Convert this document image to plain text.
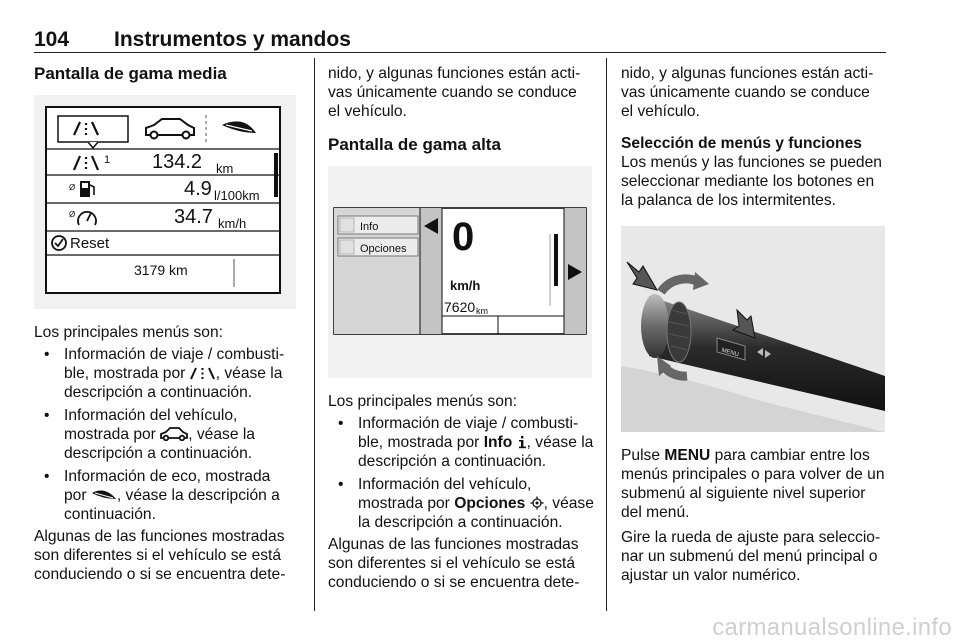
104 Instrumentos y mandos

Pantalla de gama media

Ø
Ø
1 134.2 km
4.9 l/100km
34.7 km/h
Reset
3179 km

Los principales menús son:

• Información de viaje / combusti-
ble, mostrada por , véase la
descripción a continuación.
• Información del vehículo,
mostrada por , véase la
descripción a continuación.
• Información de eco, mostrada
por , véase la descripción a
continuación.

Algunas de las funciones mostradas
son diferentes si el vehículo se está
conduciendo o si se encuentra dete-

nido, y algunas funciones están acti-
vas únicamente cuando se conduce
el vehículo.

Pantalla de gama alta

Info
Opciones 0
km/h
7620 km

Los principales menús son:

• Información de viaje / combusti-
ble, mostrada por Info , véase la
descripción a continuación.
• Información del vehículo,
mostrada por Opciones , véase
la descripción a continuación.

Algunas de las funciones mostradas
son diferentes si el vehículo se está
conduciendo o si se encuentra dete-

nido, y algunas funciones están acti-
vas únicamente cuando se conduce
el vehículo.

Selección de menús y funciones

Los menús y las funciones se pueden
seleccionar mediante los botones en
la palanca de los intermitentes.

MENU

Pulse MENU para cambiar entre los
menús principales o para volver de un
submenú al siguiente nivel superior
del menú.

Gire la rueda de ajuste para seleccio-
nar un submenú del menú principal o
ajustar un valor numérico.

carmanualsonline.info
